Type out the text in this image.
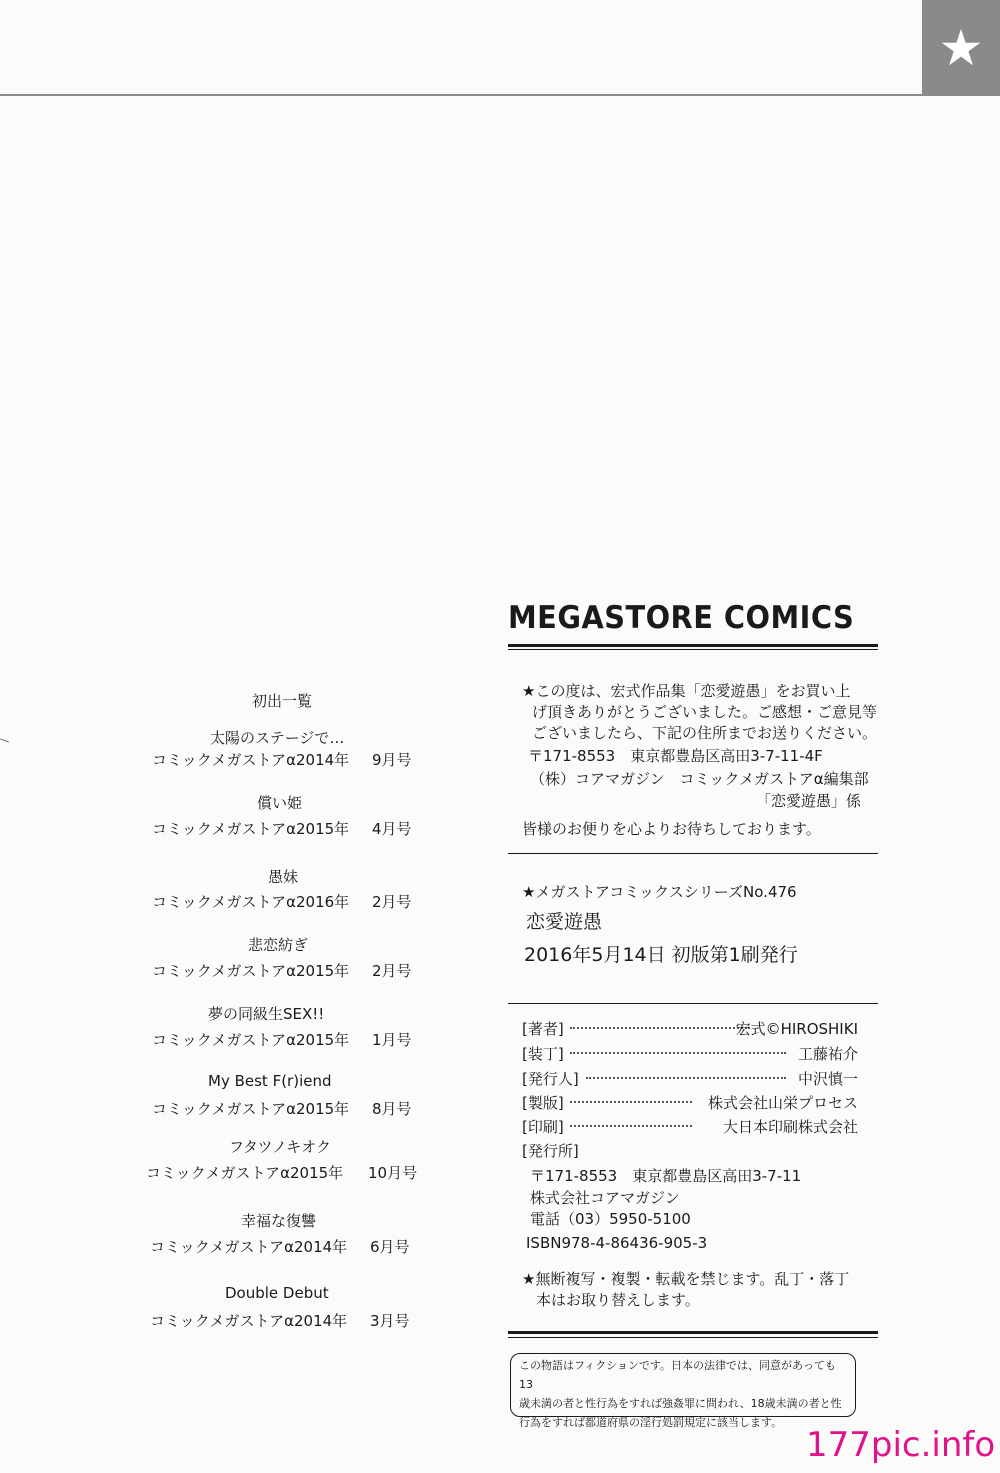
★
初出一覧
太陽のステージで…
コミックメガストアα2014年 9月号
償い姫
コミックメガストアα2015年 4月号
愚妹
コミックメガストアα2016年 2月号
悲恋紡ぎ
コミックメガストアα2015年 2月号
夢の同級生SEX!!
コミックメガストアα2015年 1月号
My Best F(r)iend
コミックメガストアα2015年 8月号
フタツノキオク
コミックメガストアα2015年 10月号
幸福な復讐
コミックメガストアα2014年 6月号
Double Debut
コミックメガストアα2014年 3月号
MEGASTORE COMICS
★この度は、宏式作品集「恋愛遊愚」をお買い上
げ頂きありがとうございました。ご感想・ご意見等
ございましたら、下記の住所までお送りください。
〒171-8553　東京都豊島区高田3-7-11-4F
（株）コアマガジン　コミックメガストアα編集部
「恋愛遊愚」係
皆様のお便りを心よりお待ちしております。
★メガストアコミックスシリーズNo.476
恋愛遊愚
2016年5月14日 初版第1刷発行
[著者]	宏式©HIROSHIKI
[装丁]	工藤祐介
[発行人]	中沢慎一
[製版]	株式会社山栄プロセス
[印刷]	大日本印刷株式会社
[発行所]
〒171-8553　東京都豊島区高田3-7-11
株式会社コアマガジン
電話（03）5950-5100
ISBN978-4-86436-905-3
★無断複写・複製・転載を禁じます。乱丁・落丁
本はお取り替えします。
この物語はフィクションです。日本の法律では、同意があっても13
歳未満の者と性行為をすれば強姦罪に問われ、18歳未満の者と性
行為をすれば都道府県の淫行処罰規定に該当します。
177pic.info
